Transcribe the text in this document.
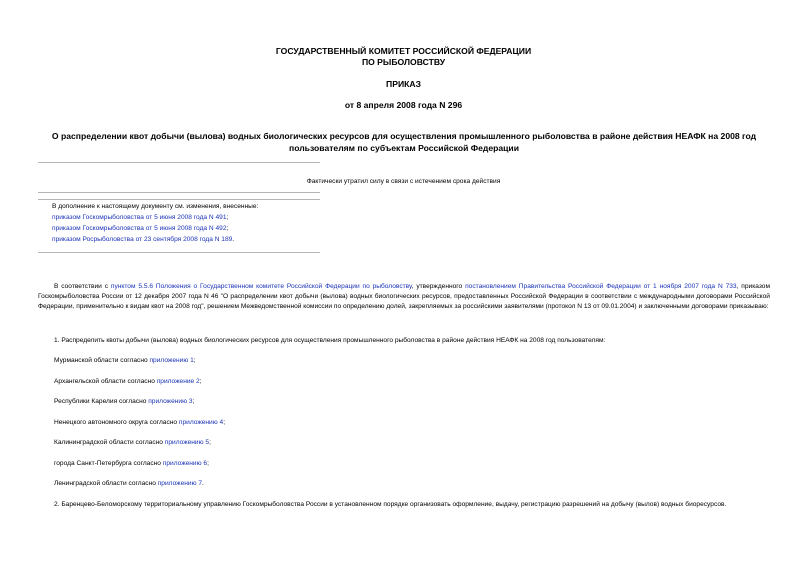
ГОСУДАРСТВЕННЫЙ КОМИТЕТ РОССИЙСКОЙ ФЕДЕРАЦИИ
ПО РЫБОЛОВСТВУ
ПРИКАЗ
от 8 апреля 2008 года N 296
О распределении квот добычи (вылова) водных биологических ресурсов для осуществления промышленного рыболовства в районе действия НЕАФК на 2008 год пользователям по субъектам Российской Федерации
Фактически утратил силу в связи с истечением срока действия
В дополнение к настоящему документу см. изменения, внесенные:
приказом Госкомрыболовства от 5 июня 2008 года N 491;
приказом Госкомрыболовства от 5 июня 2008 года N 492;
приказом Росрыболовства от 23 сентября 2008 года N 189.
В соответствии с пунктом 5.5.6 Положения о Государственном комитете Российской Федерации по рыболовству, утвержденного постановлением Правительства Российской Федерации от 1 ноября 2007 года N 733, приказом Госкомрыболовства России от 12 декабря 2007 года N 46 "О распределении квот добычи (вылова) водных биологических ресурсов, предоставленных Российской Федерации в соответствии с международными договорами Российской Федерации, применительно к видам квот на 2008 год", решением Межведомственной комиссии по определению долей, закрепляемых за российскими заявителями (протокол N 13 от 09.01.2004) и заключенными договорами приказываю:
1. Распределить квоты добычи (вылова) водных биологических ресурсов для осуществления промышленного рыболовства в районе действия НЕАФК на 2008 год пользователям:
Мурманской области согласно приложению 1;
Архангельской области согласно приложение 2;
Республики Карелия согласно приложению 3;
Ненецкого автономного округа согласно приложению 4;
Калининградской области согласно приложению 5;
города Санкт-Петербурга согласно приложению 6;
Ленинградской области согласно приложению 7.
2. Баренцево-Беломорскому территориальному управлению Госкомрыболовства России в установленном порядке организовать оформление, выдачу, регистрацию разрешений на добычу (вылов) водных биоресурсов.
